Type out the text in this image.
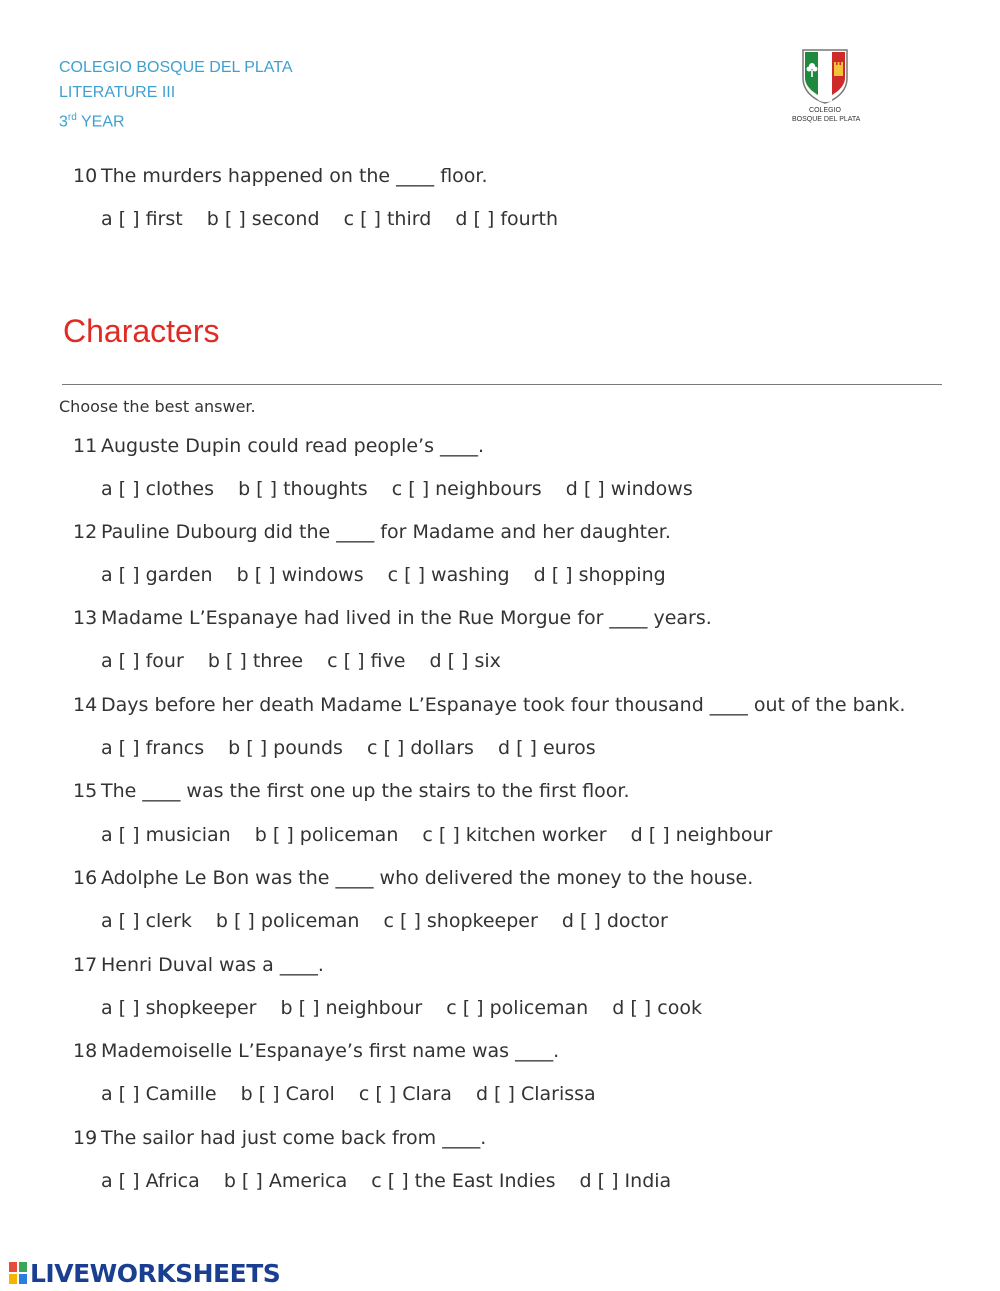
COLEGIO BOSQUE DEL PLATA
LITERATURE III
3rd YEAR
COLEGIO
BOSQUE DEL PLATA
10 The murders happened on the ____ floor.
a [ ] first b [ ] second c [ ] third d [ ] fourth
Characters
Choose the best answer.
11 Auguste Dupin could read people’s ____.
a [ ] clothes b [ ] thoughts c [ ] neighbours d [ ] windows
12 Pauline Dubourg did the ____ for Madame and her daughter.
a [ ] garden b [ ] windows c [ ] washing d [ ] shopping
13 Madame L’Espanaye had lived in the Rue Morgue for ____ years.
a [ ] four b [ ] three c [ ] five d [ ] six
14 Days before her death Madame L’Espanaye took four thousand ____ out of the bank.
a [ ] francs b [ ] pounds c [ ] dollars d [ ] euros
15 The ____ was the first one up the stairs to the first floor.
a [ ] musician b [ ] policeman c [ ] kitchen worker d [ ] neighbour
16 Adolphe Le Bon was the ____ who delivered the money to the house.
a [ ] clerk b [ ] policeman c [ ] shopkeeper d [ ] doctor
17 Henri Duval was a ____.
a [ ] shopkeeper b [ ] neighbour c [ ] policeman d [ ] cook
18 Mademoiselle L’Espanaye’s first name was ____.
a [ ] Camille b [ ] Carol c [ ] Clara d [ ] Clarissa
19 The sailor had just come back from ____.
a [ ] Africa b [ ] America c [ ] the East Indies d [ ] India
LIVEWORKSHEETS
